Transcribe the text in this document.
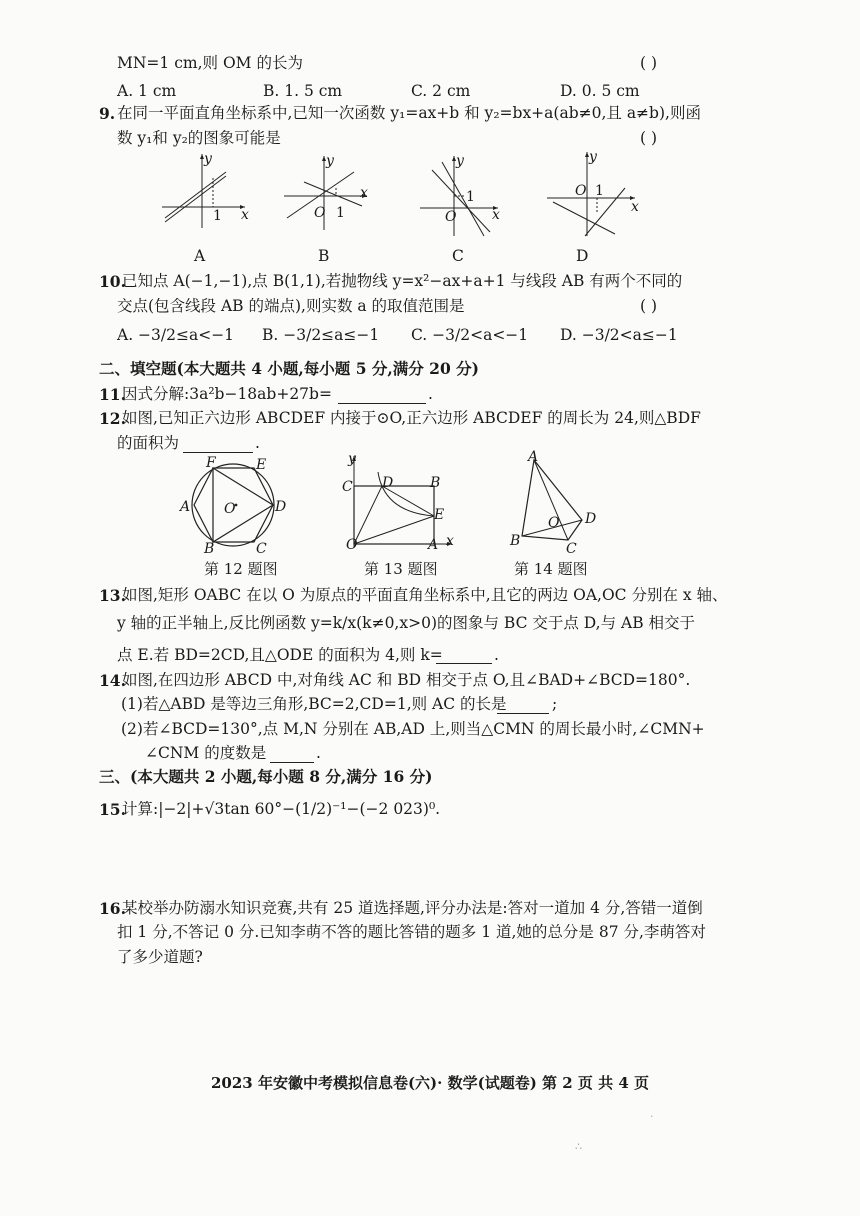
MN=1 cm,则 OM 的长为	( )
A. 1 cm	B. 1. 5 cm	C. 2 cm	D. 0. 5 cm
9. 在同一平面直角坐标系中,已知一次函数 y₁=ax+b 和 y₂=bx+a(ab≠0,且 a≠b),则函
数 y₁和 y₂的图象可能是	( )
y
x
1
y
x
O 1
y
x
O
1
y
x
O 1
A	B	C	D
10.
已知点 A(−1,−1),点 B(1,1),若抛物线 y=x²−ax+a+1 与线段 AB 有两个不同的
交点(包含线段 AB 的端点),则实数 a 的取值范围是	( )
A. −3/2≤a<−1 B. −3/2≤a≤−1 C. −3/2<a<−1 D. −3/2<a≤−1
二、填空题(本大题共 4 小题,每小题 5 分,满分 20 分)
11.
因式分解:3a²b−18ab+27b=	.
12.
如图,已知正六边形 ABCDEF 内接于⊙O,正六边形 ABCDEF 的周长为 24,则△BDF
的面积为	.
F	E
A O	D
B	C
第 12 题图
y
C D	B
E
O	A x
第 13 题图
A
O D
B	C
第 14 题图
13.
如图,矩形 OABC 在以 O 为原点的平面直角坐标系中,且它的两边 OA,OC 分别在 x 轴、
y 轴的正半轴上,反比例函数 y=k/x(k≠0,x>0)的图象与 BC 交于点 D,与 AB 相交于
点 E.若 BD=2CD,且△ODE 的面积为 4,则 k=	.
14.
如图,在四边形 ABCD 中,对角线 AC 和 BD 相交于点 O,且∠BAD+∠BCD=180°.
(1)若△ABD 是等边三角形,BC=2,CD=1,则 AC 的长是	;
(2)若∠BCD=130°,点 M,N 分别在 AB,AD 上,则当△CMN 的周长最小时,∠CMN+
∠CNM 的度数是	.
三、(本大题共 2 小题,每小题 8 分,满分 16 分)
15.
计算:|−2|+√3tan 60°−(1/2)⁻¹−(−2 023)⁰.
16.
某校举办防溺水知识竞赛,共有 25 道选择题,评分办法是:答对一道加 4 分,答错一道倒
扣 1 分,不答记 0 分.已知李萌不答的题比答错的题多 1 道,她的总分是 87 分,李萌答对
了多少道题?
2023 年安徽中考模拟信息卷(六)· 数学(试题卷) 第 2 页 共 4 页
·
∴
